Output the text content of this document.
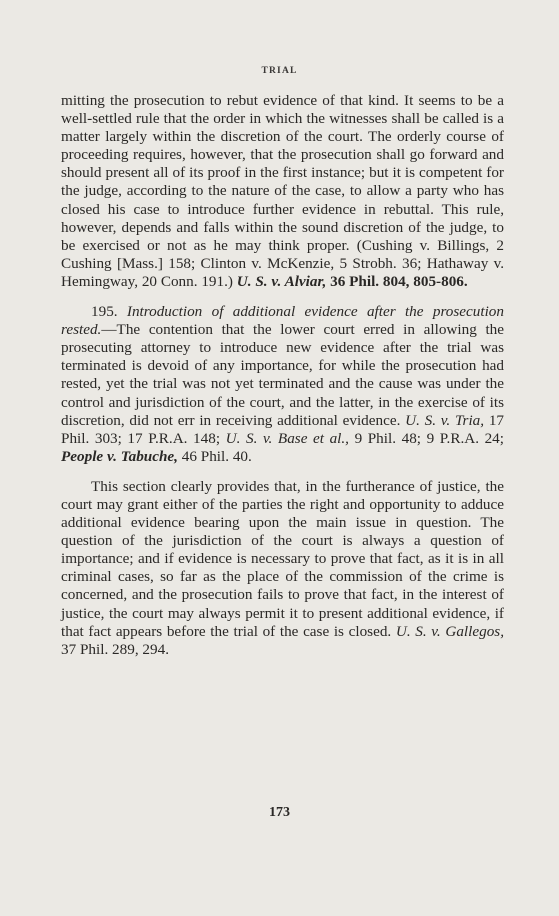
TRIAL

mitting the prosecution to rebut evidence of that kind. It seems to be a well-settled rule that the order in which the witnesses shall be called is a matter largely within the discretion of the court. The orderly course of proceeding requires, however, that the prosecution shall go forward and should present all of its proof in the first instance; but it is competent for the judge, according to the nature of the case, to allow a party who has closed his case to introduce further evidence in rebuttal. This rule, however, depends and falls within the sound discretion of the judge, to be exercised or not as he may think proper. (Cushing v. Billings, 2 Cushing [Mass.] 158; Clinton v. McKenzie, 5 Strobh. 36; Hathaway v. Hemingway, 20 Conn. 191.) U. S. v. Alviar, 36 Phil. 804, 805-806.

195. Introduction of additional evidence after the prosecution rested.—The contention that the lower court erred in allowing the prosecuting attorney to introduce new evidence after the trial was terminated is devoid of any importance, for while the prosecution had rested, yet the trial was not yet terminated and the cause was under the control and jurisdiction of the court, and the latter, in the exercise of its discretion, did not err in receiving additional evidence. U. S. v. Tria, 17 Phil. 303; 17 P.R.A. 148; U. S. v. Base et al., 9 Phil. 48; 9 P.R.A. 24; People v. Tabuche, 46 Phil. 40.

This section clearly provides that, in the furtherance of justice, the court may grant either of the parties the right and opportunity to adduce additional evidence bearing upon the main issue in question. The question of the jurisdiction of the court is always a question of importance; and if evidence is necessary to prove that fact, as it is in all criminal cases, so far as the place of the commission of the crime is concerned, and the prosecution fails to prove that fact, in the interest of justice, the court may always permit it to present additional evidence, if that fact appears before the trial of the case is closed. U. S. v. Gallegos, 37 Phil. 289, 294.

173
